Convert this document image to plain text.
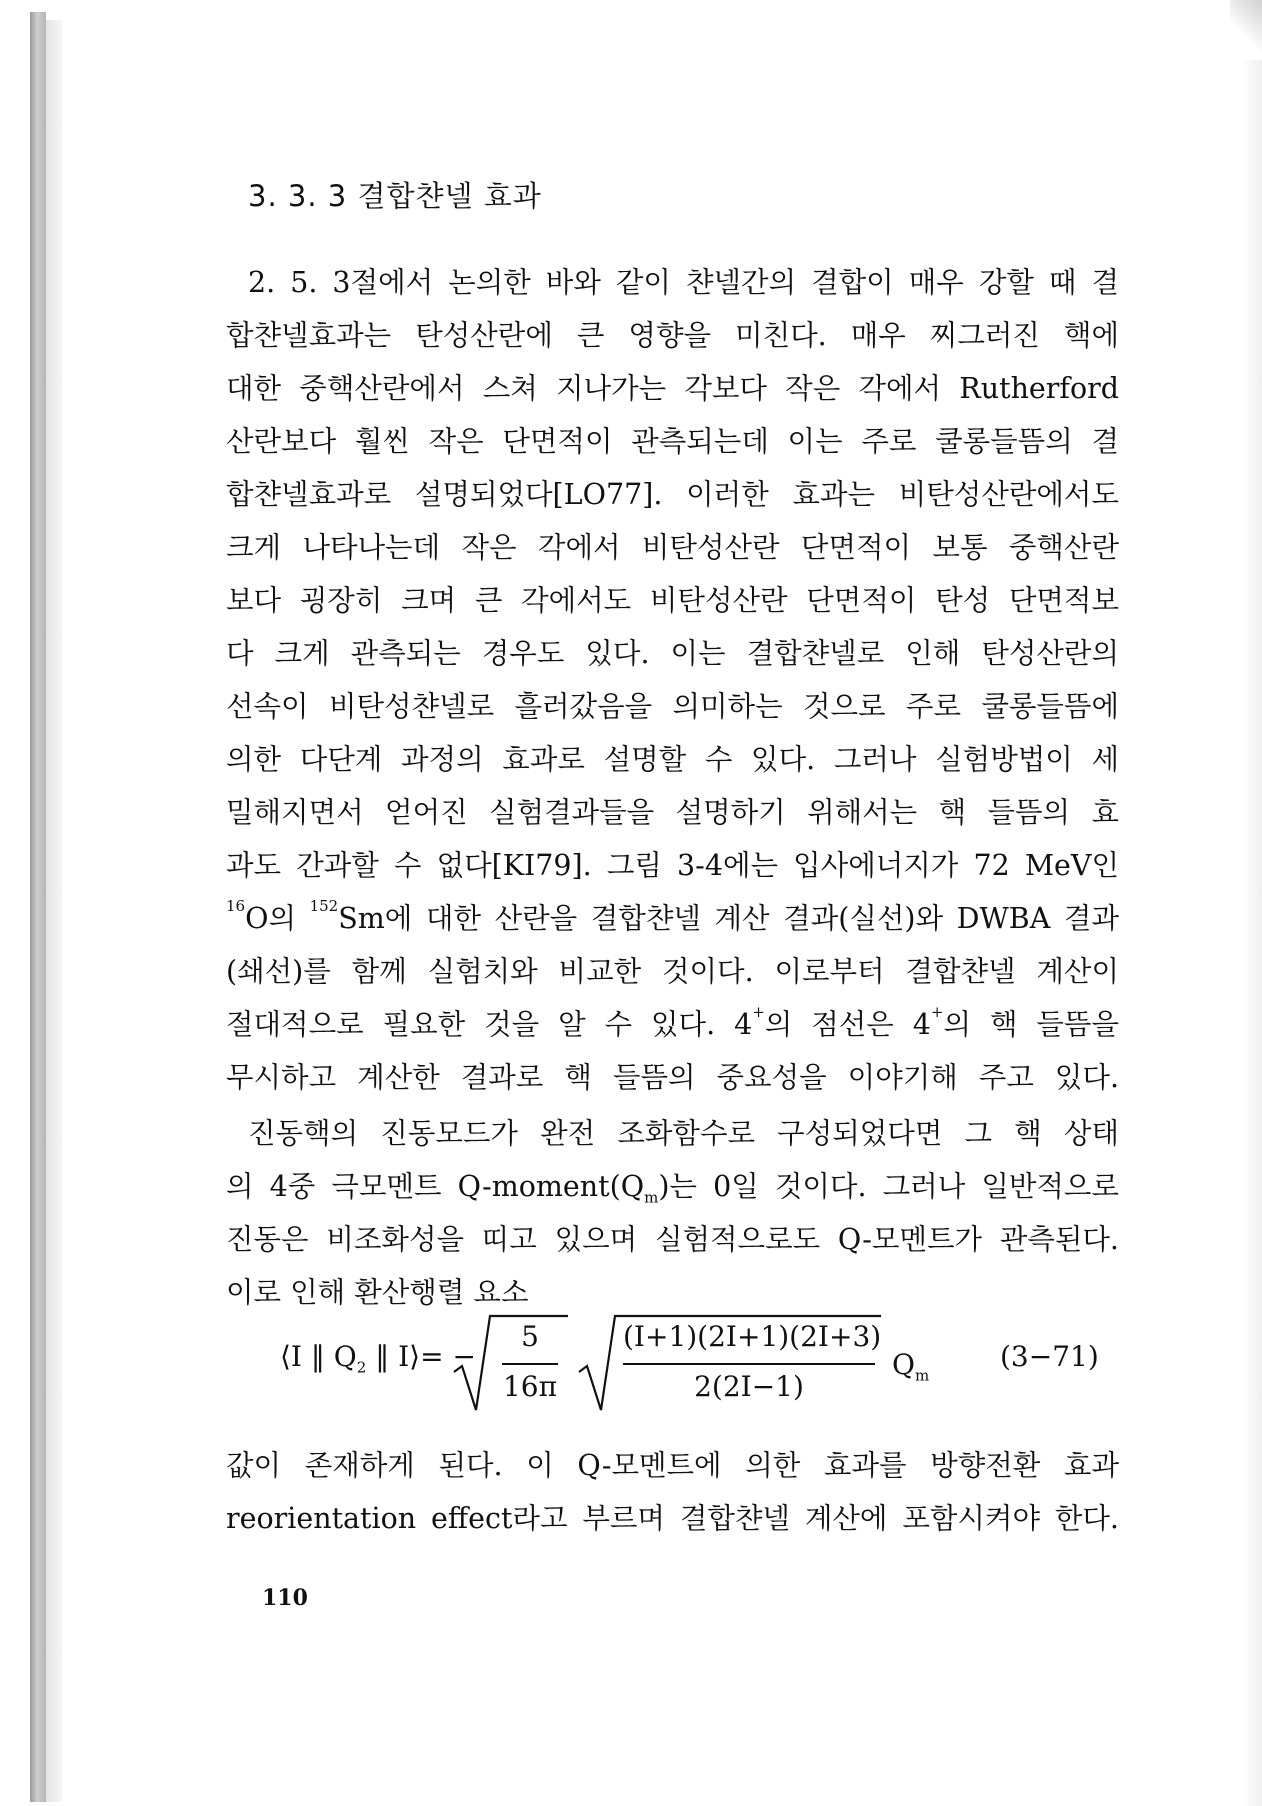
3. 3. 3 결합챤넬 효과
2. 5. 3절에서 논의한 바와 같이 챤넬간의 결합이 매우 강할 때 결
합챤넬효과는 탄성산란에 큰 영향을 미친다. 매우 찌그러진 핵에
대한 중핵산란에서 스쳐 지나가는 각보다 작은 각에서 Rutherford
산란보다 훨씬 작은 단면적이 관측되는데 이는 주로 쿨롱들뜸의 결
합챤넬효과로 설명되었다[LO77]. 이러한 효과는 비탄성산란에서도
크게 나타나는데 작은 각에서 비탄성산란 단면적이 보통 중핵산란
보다 굉장히 크며 큰 각에서도 비탄성산란 단면적이 탄성 단면적보
다 크게 관측되는 경우도 있다. 이는 결합챤넬로 인해 탄성산란의
선속이 비탄성챤넬로 흘러갔음을 의미하는 것으로 주로 쿨롱들뜸에
의한 다단계 과정의 효과로 설명할 수 있다. 그러나 실험방법이 세
밀해지면서 얻어진 실험결과들을 설명하기 위해서는 핵 들뜸의 효
과도 간과할 수 없다[KI79]. 그림 3-4에는 입사에너지가 72 MeV인
$^{16}$O의 $^{152}$Sm에 대한 산란을 결합챤넬 계산 결과(실선)와 DWBA 결과
(쇄선)를 함께 실험치와 비교한 것이다. 이로부터 결합챤넬 계산이
절대적으로 필요한 것을 알 수 있다. 4+의 점선은 4+의 핵 들뜸을
무시하고 계산한 결과로 핵 들뜸의 중요성을 이야기해 주고 있다.
진동핵의 진동모드가 완전 조화함수로 구성되었다면 그 핵 상태
의 4중 극모멘트 $Q-moment(Q_m)$는 0일 것이다. 그러나 일반적으로
진동은 비조화성을 띠고 있으며 실험적으로도 Q-모멘트가 관측된다.
이로 인해 환산행렬 요소
⟨I ‖ $Q_2$ ‖ I⟩= −
5
16π
(I+1)(2I+1)(2I+3)
2(2I−1)
$Q_m$
(3−71)
값이 존재하게 된다. 이 Q-모멘트에 의한 효과를 방향전환 효과
reorientation effect라고 부르며 결합챤넬 계산에 포함시켜야 한다.
110
